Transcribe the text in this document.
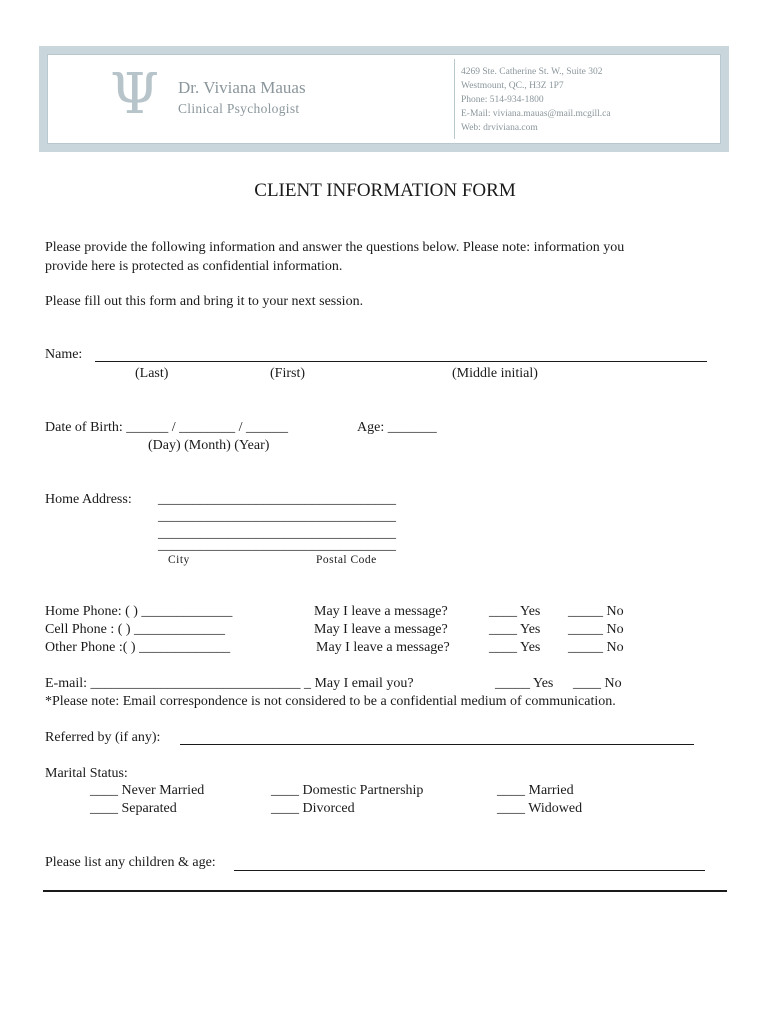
Ψ Dr. Viviana Mauas
Clinical Psychologist
4269 Ste. Catherine St. W., Suite 302
Westmount, QC., H3Z 1P7
Phone: 514-934-1800
E-Mail: viviana.mauas@mail.mcgill.ca
Web: drviviana.com
CLIENT INFORMATION FORM
Please provide the following information and answer the questions below. Please note: information you
provide here is protected as confidential information.
Please fill out this form and bring it to your next session.
Name:
(Last)	(First)	(Middle initial)
Date of Birth: ______ / ________ / ______
(Day) (Month) (Year)
Age: _______
Home Address: __________________________________
__________________________________
__________________________________
__________________________________
City	Postal Code
Home Phone: ( ) _____________	May I leave a message?	____ Yes _____ No
Cell Phone : ( ) _____________	May I leave a message?	____ Yes _____ No
Other Phone :( ) _____________	May I leave a message?	____ Yes _____ No
E-mail: ______________________________ _ May I email you?	_____ Yes ____ No
*Please note: Email correspondence is not considered to be a confidential medium of communication.
Referred by (if any):
Marital Status:
____ Never Married	____ Domestic Partnership	____ Married
____ Separated	____ Divorced	____ Widowed
Please list any children & age:
